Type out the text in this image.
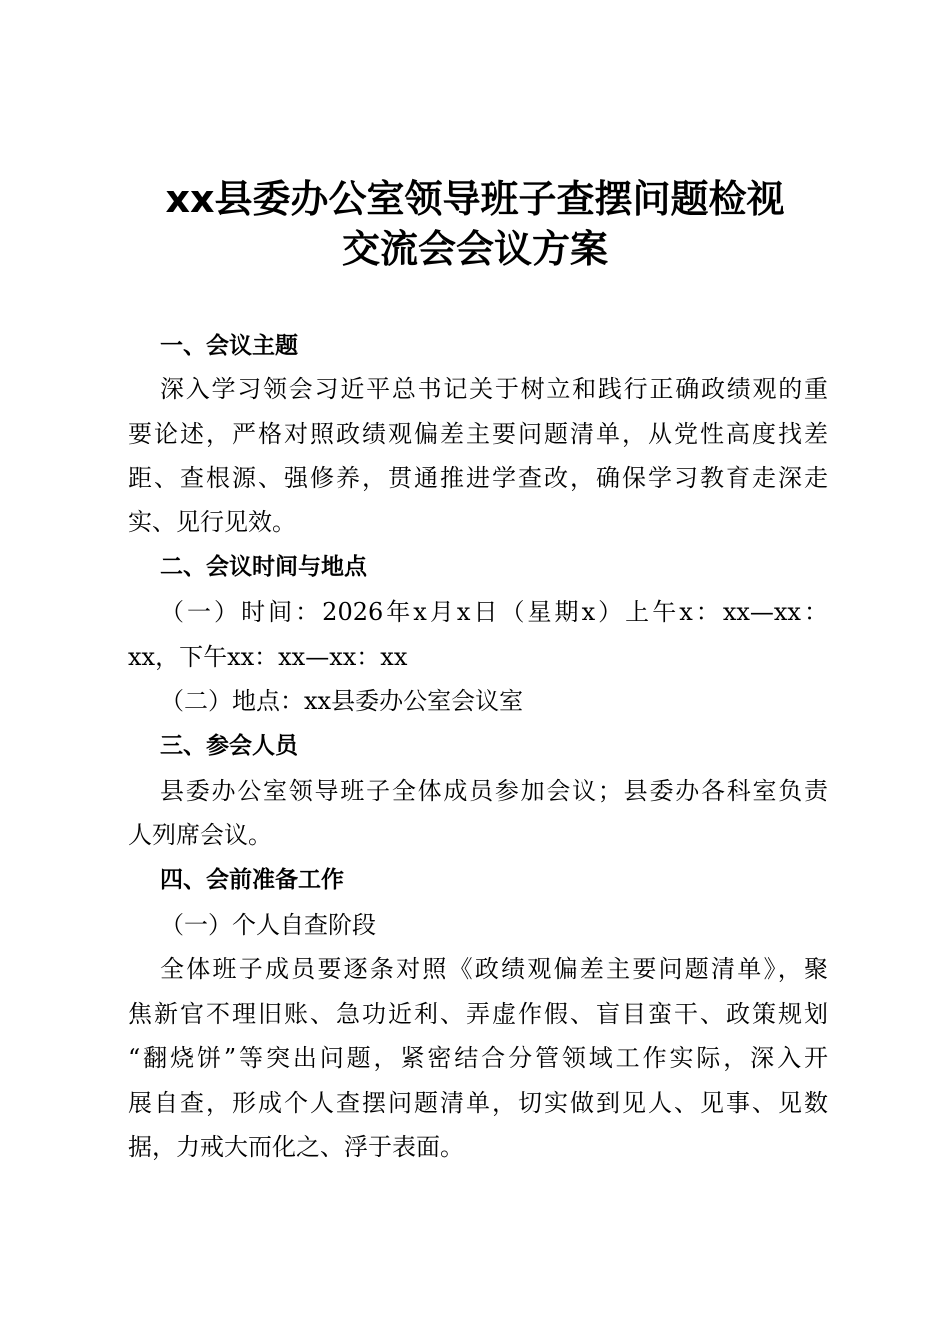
xx县委办公室领导班子查摆问题检视
交流会会议方案
一、会议主题
深入学习领会习近平总书记关于树立和践行正确政绩观的重
要论述，严格对照政绩观偏差主要问题清单，从党性高度找差
距、查根源、强修养，贯通推进学查改，确保学习教育走深走
实、见行见效。
二、会议时间与地点
（一）时间：2026年x月x日（星期x）上午x：xx—xx：
xx，下午xx：xx—xx：xx
（二）地点：xx县委办公室会议室
三、参会人员
县委办公室领导班子全体成员参加会议；县委办各科室负责
人列席会议。
四、会前准备工作
（一）个人自查阶段
全体班子成员要逐条对照《政绩观偏差主要问题清单》，聚
焦新官不理旧账、急功近利、弄虚作假、盲目蛮干、政策规划
“翻烧饼”等突出问题，紧密结合分管领域工作实际，深入开
展自查，形成个人查摆问题清单，切实做到见人、见事、见数
据，力戒大而化之、浮于表面。
